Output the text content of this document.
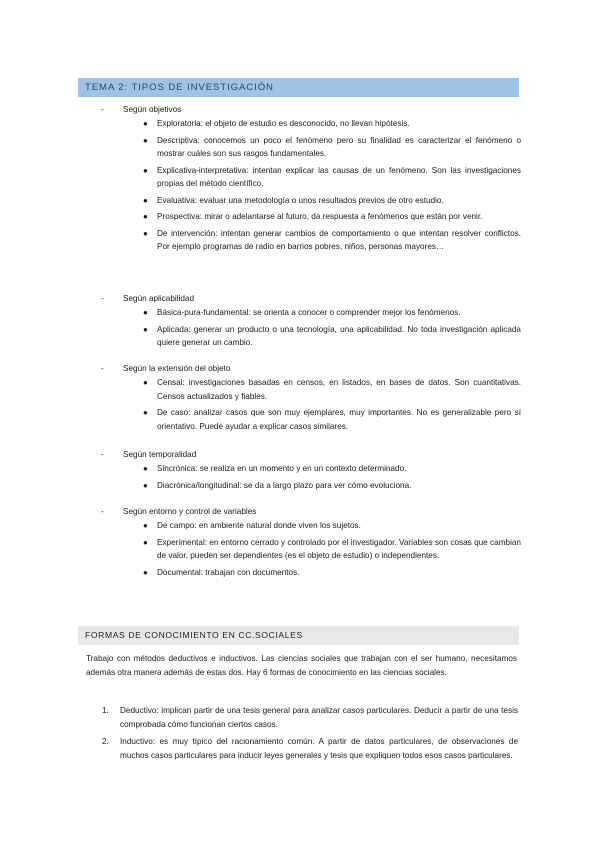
TEMA 2: TIPOS DE INVESTIGACIÓN
- Según objetivos
● Exploratoria: el objeto de estudio es desconocido, no llevan hipótesis.
● Descriptiva: conocemos un poco el fenómeno pero su finalidad es caracterizar el fenómeno o mostrar cuáles son sus rasgos fundamentales.
● Explicativa-interpretativa: intentan explicar las causas de un fenómeno. Son las investigaciones propias del método científico.
● Evaluativa: evaluar una metodología o unos resultados previos de otro estudio.
● Prospectiva: mirar o adelantarse al futuro, da respuesta a fenómenos que están por venir.
● De intervención: intentan generar cambios de comportamiento o que intentan resolver conflictos. Por ejemplo programas de radio en barrios pobres, niños, personas mayores…
- Según aplicabilidad
● Básica-pura-fundamental: se orienta a conocer o comprender mejor los fenómenos.
● Aplicada: generar un producto o una tecnología, una aplicabilidad. No toda investigación aplicada quiere generar un cambio.
- Según la extensión del objeto
● Censal: investigaciones basadas en censos, en listados, en bases de datos. Son cuantitativas. Censos actualizados y fiables.
● De caso: analizar casos que son muy ejemplares, muy importantes. No es generalizable pero sí orientativo. Puede ayudar a explicar casos similares.
- Según temporalidad
● Sincrónica: se realiza en un momento y en un contexto determinado.
● Diacrónica/longitudinal: se da a largo plazo para ver cómo evoluciona.
- Según entorno y control de variables
● De campo: en ambiente natural donde viven los sujetos.
● Experimental: en entorno cerrado y controlado por el investigador. Variables son cosas que cambian de valor, pueden ser dependientes (es el objeto de estudio) o independientes.
● Documental: trabajan con documentos.
FORMAS DE CONOCIMIENTO EN CC.SOCIALES
Trabajo con métodos deductivos e inductivos. Las ciencias sociales que trabajan con el ser humano, necesitamos además otra manera además de estas dos. Hay 6 formas de conocimiento en las ciencias sociales.
1. Deductivo: implican partir de una tesis general para analizar casos particulares. Deducir a partir de una tesis comprobada cómo funcionan ciertos casos.
2. Inductivo: es muy típico del racionamiento común. A partir de datos particulares, de observaciones de muchos casos particulares para inducir leyes generales y tesis que expliquen todos esos casos particulares.
